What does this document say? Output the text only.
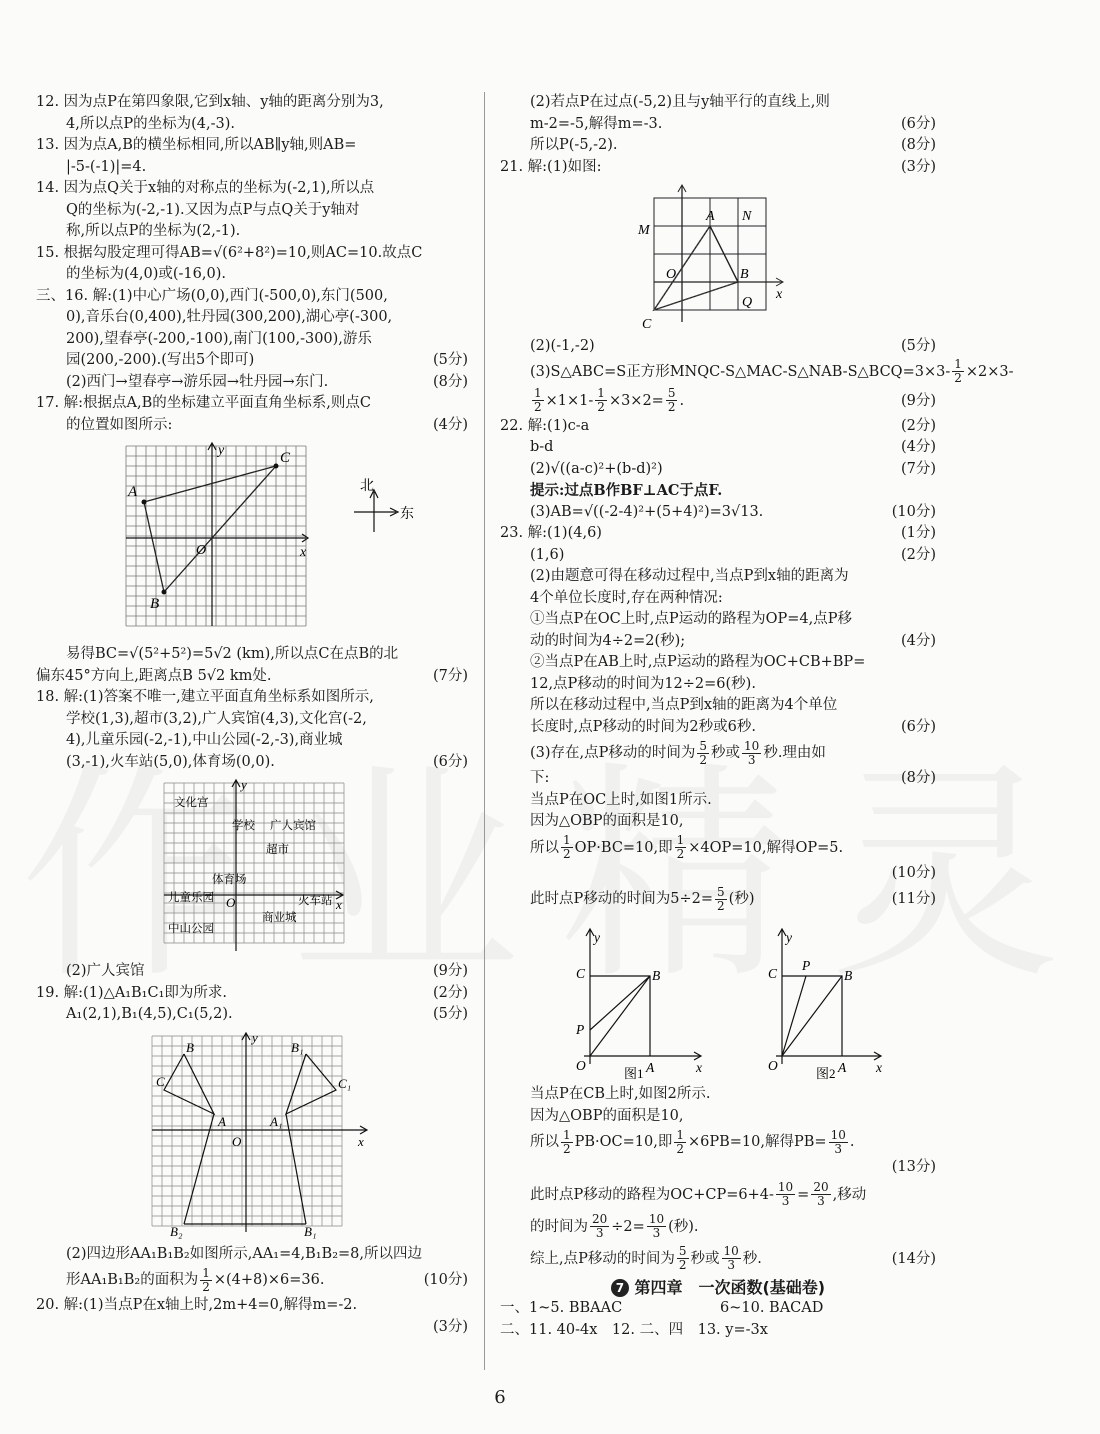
12. 因为点P在第四象限,它到x轴、y轴的距离分别为3,
4,所以点P的坐标为(4,-3).
13. 因为点A,B的横坐标相同,所以AB∥y轴,则AB=
|-5-(-1)|=4.
14. 因为点Q关于x轴的对称点的坐标为(-2,1),所以点
Q的坐标为(-2,-1).又因为点P与点Q关于y轴对
称,所以点P的坐标为(2,-1).
15. 根据勾股定理可得AB=√(6²+8²)=10,则AC=10.故点C
的坐标为(4,0)或(-16,0).
三、16. 解:(1)中心广场(0,0),西门(-500,0),东门(500,
0),音乐台(0,400),牡丹园(300,200),湖心亭(-300,
200),望春亭(-200,-100),南门(100,-300),游乐
园(200,-200).(写出5个即可)	(5分)
(2)西门→望春亭→游乐园→牡丹园→东门.	(8分)
17. 解:根据点A,B的坐标建立平面直角坐标系,则点C
的位置如图所示:	(4分)
A
C
B
O	x
y
北
东
易得BC=√(5²+5²)=5√2 (km),所以点C在点B的北
偏东45°方向上,距离点B 5√2 km处.	(7分)
18. 解:(1)答案不唯一,建立平面直角坐标系如图所示,
学校(1,3),超市(3,2),广人宾馆(4,3),文化宫(-2,
4),儿童乐园(-2,-1),中山公园(-2,-3),商业城
(3,-1),火车站(5,0),体育场(0,0).	(6分)
文化宫
学校 广人宾馆
超市
体育场
儿童乐园	火车站
中山公园
商业城
O	x
y
(2)广人宾馆	(9分)
19. 解:(1)△A₁B₁C₁即为所求.	(2分)
A₁(2,1),B₁(4,5),C₁(5,2).	(5分)
B	B₁
C	C₁
A	A₁
O	x
y
B₂	B₁
(2)四边形AA₁B₁B₂如图所示,AA₁=4,B₁B₂=8,所以四边
形AA₁B₁B₂的面积为 $\frac{1}{2} \times(4+8)\times 6=36$.	(10分)
20. 解:(1)当点P在x轴上时,2m+4=0,解得m=-2.
(3分)
(2)若点P在过点(-5,2)且与y轴平行的直线上,则
m-2=-5,解得m=-3.	(6分)
所以P(-5,-2).	(8分)
21. 解:(1)如图:	(3分)
M
A N
O	B
Q
C
x
(2)(-1,-2)	(5分)
(3)S△ABC=S正方形MNQC-S△MAC-S△NAB-S△BCQ=3×3- $\frac{1}{2} \times 2\times 3-$
$\frac{1}{2} \times 1\times 1- \frac{1}{2} \times 3\times 2= \frac{5}{2}$ .	(9分)
22. 解:(1)c-a	(2分)
b-d	(4分)
(2)√((a-c)²+(b-d)²)	(7分)
提示:过点B作BF⊥AC于点F.
(3)AB=√((-2-4)²+(5+4)²)=3√13.	(10分)
23. 解:(1)(4,6)	(1分)
(1,6)	(2分)
(2)由题意可得在移动过程中,当点P到x轴的距离为
4个单位长度时,存在两种情况:
①当点P在OC上时,点P运动的路程为OP=4,点P移
动的时间为4÷2=2(秒);	(4分)
②当点P在AB上时,点P运动的路程为OC+CB+BP=
12,点P移动的时间为12÷2=6(秒).
所以在移动过程中,当点P到x轴的距离为4个单位
长度时,点P移动的时间为2秒或6秒.	(6分)
(3)存在,点P移动的时间为 $\frac{5}{2}$ 秒或 $\frac{10}{3}$ 秒.理由如
下:	(8分)
当点P在OC上时,如图1所示.
因为△OBP的面积是10,
所以 $\frac{1}{2} OP\cdot BC=10$,即 $\frac{1}{2} \times 4OP=10$,解得OP=5.
(10分)
此时点P移动的时间为$5\div 2= \frac{5}{2}$ (秒)	(11分)
y
C	B
P
O	A	x
y
C
P
B
O	A x
图1	图2
当点P在CB上时,如图2所示.
因为△OBP的面积是10,
所以 $\frac{1}{2} PB\cdot OC=10$,即 $\frac{1}{2} \times 6PB=10$,解得$PB= \frac{10}{3}$ .
(13分)
此时点P移动的路程为$OC+CP=6+4- \frac{10}{3} = \frac{20}{3}$ ,移动
的时间为 $\frac{20}{3} \div 2= \frac{10}{3}$ (秒).
综上,点P移动的时间为 $\frac{5}{2}$ 秒或 $\frac{10}{3}$ 秒.	(14分)
7 第四章　一次函数(基础卷)
一、1~5. BBAAC	6~10. BACAD
二、11. 40-4x　12. 二、四　13. y=-3x
6
